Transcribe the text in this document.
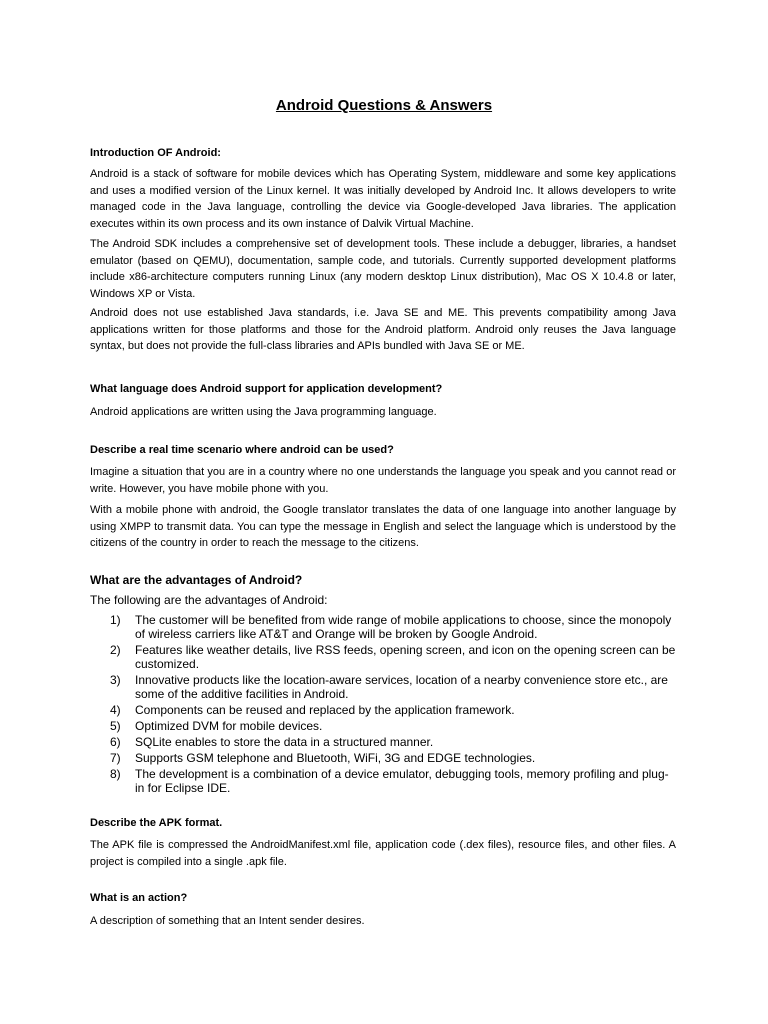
Android Questions & Answers
Introduction OF Android:
Android is a stack of software for mobile devices which has Operating System, middleware and some key applications and uses a modified version of the Linux kernel. It was initially developed by Android Inc. It allows developers to write managed code in the Java language, controlling the device via Google-developed Java libraries. The application executes within its own process and its own instance of Dalvik Virtual Machine.
The Android SDK includes a comprehensive set of development tools. These include a debugger, libraries, a handset emulator (based on QEMU), documentation, sample code, and tutorials. Currently supported development platforms include x86-architecture computers running Linux (any modern desktop Linux distribution), Mac OS X 10.4.8 or later, Windows XP or Vista.
Android does not use established Java standards, i.e. Java SE and ME. This prevents compatibility among Java applications written for those platforms and those for the Android platform. Android only reuses the Java language syntax, but does not provide the full-class libraries and APIs bundled with Java SE or ME.
What language does Android support for application development?
Android applications are written using the Java programming language.
Describe a real time scenario where android can be used?
Imagine a situation that you are in a country where no one understands the language you speak and you cannot read or write. However, you have mobile phone with you.
With a mobile phone with android, the Google translator translates the data of one language into another language by using XMPP to transmit data. You can type the message in English and select the language which is understood by the citizens of the country in order to reach the message to the citizens.
What are the advantages of Android?
The following are the advantages of Android:
1) The customer will be benefited from wide range of mobile applications to choose, since the monopoly of wireless carriers like AT&T and Orange will be broken by Google Android.
2) Features like weather details, live RSS feeds, opening screen, and icon on the opening screen can be customized.
3) Innovative products like the location-aware services, location of a nearby convenience store etc., are some of the additive facilities in Android.
4) Components can be reused and replaced by the application framework.
5) Optimized DVM for mobile devices.
6) SQLite enables to store the data in a structured manner.
7) Supports GSM telephone and Bluetooth, WiFi, 3G and EDGE technologies.
8) The development is a combination of a device emulator, debugging tools, memory profiling and plug-in for Eclipse IDE.
Describe the APK format.
The APK file is compressed the AndroidManifest.xml file, application code (.dex files), resource files, and other files. A project is compiled into a single .apk file.
What is an action?
A description of something that an Intent sender desires.
